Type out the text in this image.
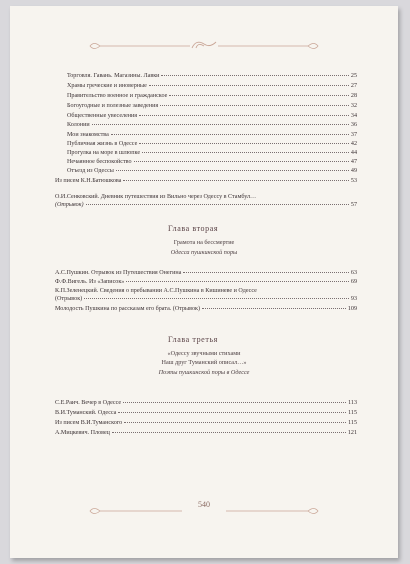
О.И.Сенковский. Дневник путешествия из Вильно через Одессу в Стамбул…
(Отрывок)	57
Глава вторая
Грамота на бессмертие
Одесса пушкинской поры
К.П.Зеленецкий. Сведения о пребывании А.С.Пушкина в Кишиневе и Одессе
(Отрывок)	93
Молодость Пушкина по рассказам его брата. (Отрывок)	109
Глава третья
«Одессу звучными стихами
Наш друг Туманский описал…»
Поэты пушкинской поры в Одессе
540
Торговля. Гавань. Магазины. Лавки	25
Храмы греческие и иноверные	27
Правительство военное и гражданское	28
Богоугодные и полезные заведения	32
Общественные увеселения	34
Колонии	36
Мои знакомства	37
Публичная жизнь в Одессе	42
Прогулка на море в шлюпке	44
Нечаянное беспокойство	47
Отъезд из Одессы	49
Из писем К.Н.Батюшкова	53
А.С.Пушкин. Отрывок из Путешествия Онегина	63
Ф.Ф.Вигель. Из «Записок»	69
С.Е.Раич. Вечер в Одессе	113
В.И.Туманский. Одесса	115
Из писем В.И.Туманского	115
А.Мицкевич. Пловец	121
